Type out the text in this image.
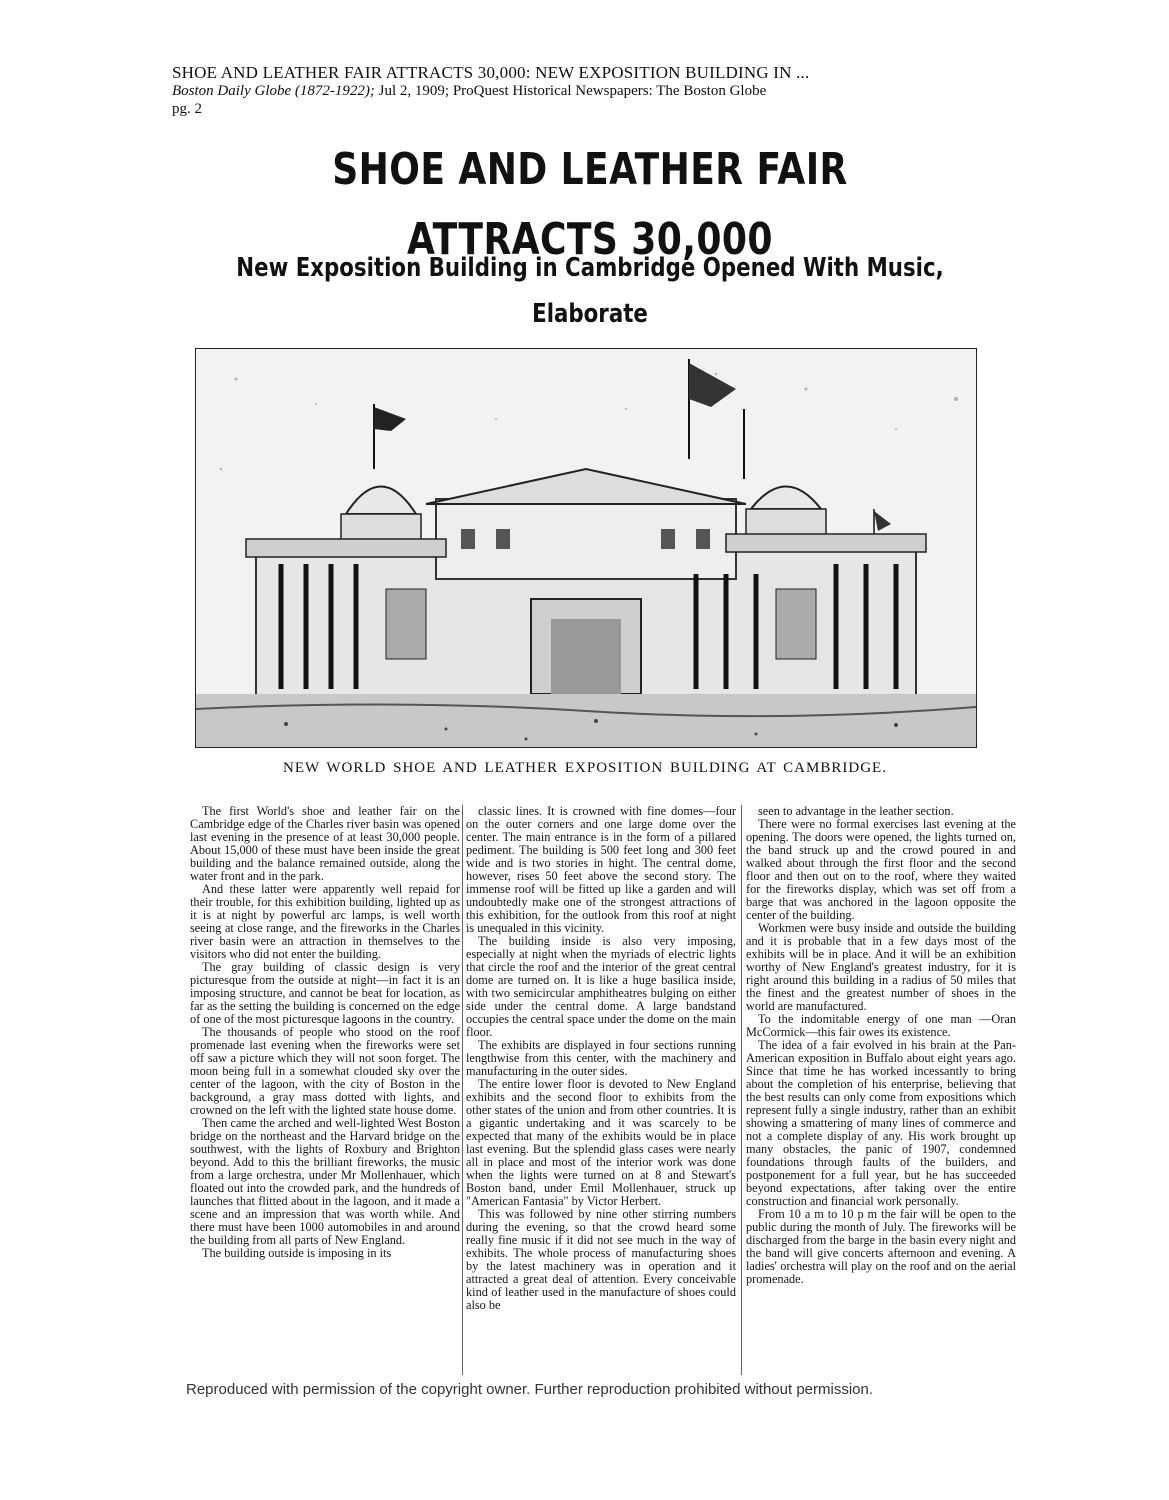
SHOE AND LEATHER FAIR ATTRACTS 30,000: NEW EXPOSITION BUILDING IN ...
Boston Daily Globe (1872-1922); Jul 2, 1909; ProQuest Historical Newspapers: The Boston Globe
pg. 2
SHOE AND LEATHER FAIR ATTRACTS 30,000
New Exposition Building in Cambridge Opened With Music, Elaborate
NEW WORLD SHOE AND LEATHER EXPOSITION BUILDING AT CAMBRIDGE.

The first World's shoe and leather fair on the Cambridge edge of the Charles river basin was opened last evening in the presence of at least 30,000 people. About 15,000 of these must have been inside the great building and the balance remained outside, along the water front and in the park.

And these latter were apparently well repaid for their trouble, for this exhibition building, lighted up as it is at night by powerful arc lamps, is well worth seeing at close range, and the fireworks in the Charles river basin were an attraction in themselves to the visitors who did not enter the building.

The gray building of classic design is very picturesque from the outside at night—in fact it is an imposing structure, and cannot be beat for location, as far as the setting the building is concerned on the edge of one of the most picturesque lagoons in the country.

The thousands of people who stood on the roof promenade last evening when the fireworks were set off saw a picture which they will not soon forget. The moon being full in a somewhat clouded sky over the center of the lagoon, with the city of Boston in the background, a gray mass dotted with lights, and crowned on the left with the lighted state house dome.

Then came the arched and well-lighted West Boston bridge on the northeast and the Harvard bridge on the southwest, with the lights of Roxbury and Brighton beyond. Add to this the brilliant fireworks, the music from a large orchestra, under Mr Mollenhauer, which floated out into the crowded park, and the hundreds of launches that flitted about in the lagoon, and it made a scene and an impression that was worth while. And there must have been 1000 automobiles in and around the building from all parts of New England.

The building outside is imposing in its

classic lines. It is crowned with fine domes—four on the outer corners and one large dome over the center. The main entrance is in the form of a pillared pediment. The building is 500 feet long and 300 feet wide and is two stories in hight. The central dome, however, rises 50 feet above the second story. The immense roof will be fitted up like a garden and will undoubtedly make one of the strongest attractions of this exhibition, for the outlook from this roof at night is unequaled in this vicinity.

The building inside is also very imposing, especially at night when the myriads of electric lights that circle the roof and the interior of the great central dome are turned on. It is like a huge basilica inside, with two semicircular amphitheatres bulging on either side under the central dome. A large bandstand occupies the central space under the dome on the main floor.

The exhibits are displayed in four sections running lengthwise from this center, with the machinery and manufacturing in the outer sides.

The entire lower floor is devoted to New England exhibits and the second floor to exhibits from the other states of the union and from other countries. It is a gigantic undertaking and it was scarcely to be expected that many of the exhibits would be in place last evening. But the splendid glass cases were nearly all in place and most of the interior work was done when the lights were turned on at 8 and Stewart's Boston band, under Emil Mollenhauer, struck up "American Fantasia" by Victor Herbert.

This was followed by nine other stirring numbers during the evening, so that the crowd heard some really fine music if it did not see much in the way of exhibits. The whole process of manufacturing shoes by the latest machinery was in operation and it attracted a great deal of attention. Every conceivable kind of leather used in the manufacture of shoes could also be

seen to advantage in the leather section.

There were no formal exercises last evening at the opening. The doors were opened, the lights turned on, the band struck up and the crowd poured in and walked about through the first floor and the second floor and then out on to the roof, where they waited for the fireworks display, which was set off from a barge that was anchored in the lagoon opposite the center of the building.

Workmen were busy inside and outside the building and it is probable that in a few days most of the exhibits will be in place. And it will be an exhibition worthy of New England's greatest industry, for it is right around this building in a radius of 50 miles that the finest and the greatest number of shoes in the world are manufactured.

To the indomitable energy of one man —Oran McCormick—this fair owes its existence.

The idea of a fair evolved in his brain at the Pan-American exposition in Buffalo about eight years ago. Since that time he has worked incessantly to bring about the completion of his enterprise, believing that the best results can only come from expositions which represent fully a single industry, rather than an exhibit showing a smattering of many lines of commerce and not a complete display of any. His work brought up many obstacles, the panic of 1907, condemned foundations through faults of the builders, and postponement for a full year, but he has succeeded beyond expectations, after taking over the entire construction and financial work personally.

From 10 a m to 10 p m the fair will be open to the public during the month of July. The fireworks will be discharged from the barge in the basin every night and the band will give concerts afternoon and evening. A ladies' orchestra will play on the roof and on the aerial promenade.

Reproduced with permission of the copyright owner. Further reproduction prohibited without permission.
